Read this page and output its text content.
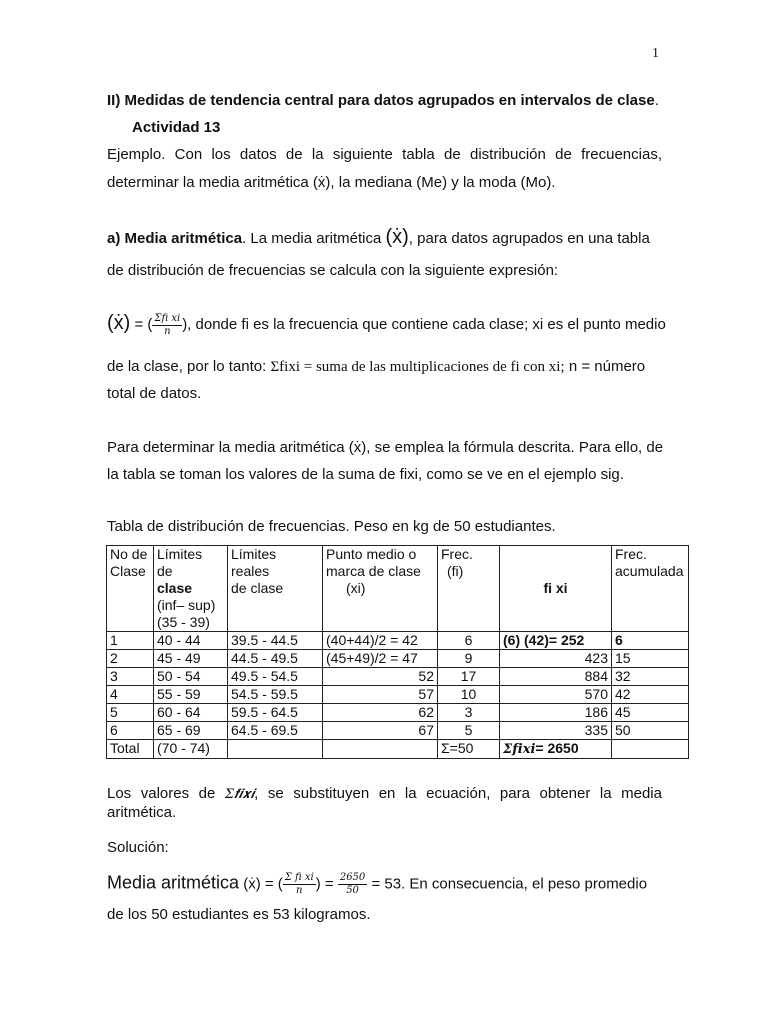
1
II) Medidas de tendencia central para datos agrupados en intervalos de clase.
Actividad 13
Ejemplo. Con los datos de la siguiente tabla de distribución de frecuencias,
determinar la media aritmética (ẋ), la mediana (Me) y la moda (Mo).
a) Media aritmética. La media aritmética (ẋ), para datos agrupados en una tabla
de distribución de frecuencias se calcula con la siguiente expresión:
(ẋ) = ( $\frac{\text{Σfi xi}}{n}$ ), donde fi es la frecuencia que contiene cada clase; xi es el punto medio
de la clase, por lo tanto: Σfixi = suma de las multiplicaciones de fi con xi; n = número
total de datos.
Para determinar la media aritmética (ẋ), se emplea la fórmula descrita. Para ello, de
la tabla se toman los valores de la suma de fixi, como se ve en el ejemplo sig.
Tabla de distribución de frecuencias. Peso en kg de 50 estudiantes.
No de
Clase	Límites
de
clase
(inf– sup)
(35 - 39)	Límites
reales
de clase	Punto medio o
marca de clase
(xi)	Frec.
(fi)	fi xi	Frec.
acumulada
1	40 - 44	39.5 - 44.5	(40+44)/2 = 42	6	(6) (42)= 252	6
2	45 - 49	44.5 - 49.5	(45+49)/2 = 47	9	423	15
3	50 - 54	49.5 - 54.5	52	17	884	32
4	55 - 59	54.5 - 59.5	57	10	570	42
5	60 - 64	59.5 - 64.5	62	3	186	45
6	65 - 69	64.5 - 69.5	67	5	335	50
Total	(70 - 74)			Σ=50	Σ𝒇𝒊𝒙𝒊= 2650	
Los valores de Σ𝒇𝒊𝒙𝒊, se substituyen en la ecuación, para obtener la media
aritmética.
Solución:
Media aritmética (ẋ) = ( $\frac{\text{Σ fi xi}}{n}$ ) = $\frac{2650}{50} = 53$. En consecuencia, el peso promedio
de los 50 estudiantes es 53 kilogramos.
